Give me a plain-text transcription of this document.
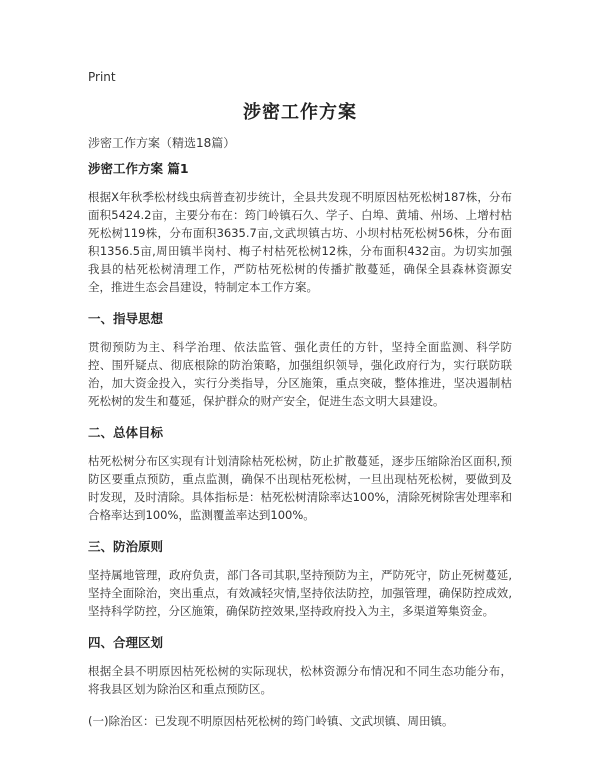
Print
涉密工作方案
涉密工作方案（精选18篇）
涉密工作方案 篇1

根据X年秋季松材线虫病普查初步统计，全县共发现不明原因枯死松树187株，分布面积5424.2亩，主要分布在：筠门岭镇石久、学子、白埠、黄埔、州场、上增村枯死松树119株，分布面积3635.7亩,文武坝镇古坊、小坝村枯死松树56株，分布面积1356.5亩,周田镇半岗村、梅子村枯死松树12株，分布面积432亩。为切实加强我县的枯死松树清理工作，严防枯死松树的传播扩散蔓延，确保全县森林资源安全，推进生态会昌建设，特制定本工作方案。

一、指导思想

贯彻预防为主、科学治理、依法监管、强化责任的方针，坚持全面监测、科学防控、围歼疑点、彻底根除的防治策略，加强组织领导，强化政府行为，实行联防联治，加大资金投入，实行分类指导，分区施策，重点突破，整体推进，坚决遏制枯死松树的发生和蔓延，保护群众的财产安全，促进生态文明大县建设。

二、总体目标

枯死松树分布区实现有计划清除枯死松树，防止扩散蔓延，逐步压缩除治区面积,预防区要重点预防，重点监测，确保不出现枯死松树，一旦出现枯死松树，要做到及时发现，及时清除。具体指标是：枯死松树清除率达100%，清除死树除害处理率和合格率达到100%，监测覆盖率达到100%。

三、防治原则

坚持属地管理，政府负责，部门各司其职,坚持预防为主，严防死守，防止死树蔓延,坚持全面除治，突出重点，有效减轻灾情,坚持依法防控，加强管理，确保防控成效,坚持科学防控，分区施策，确保防控效果,坚持政府投入为主，多渠道筹集资金。

四、合理区划

根据全县不明原因枯死松树的实际现状，松林资源分布情况和不同生态功能分布，将我县区划为除治区和重点预防区。

(一)除治区：已发现不明原因枯死松树的筠门岭镇、文武坝镇、周田镇。
